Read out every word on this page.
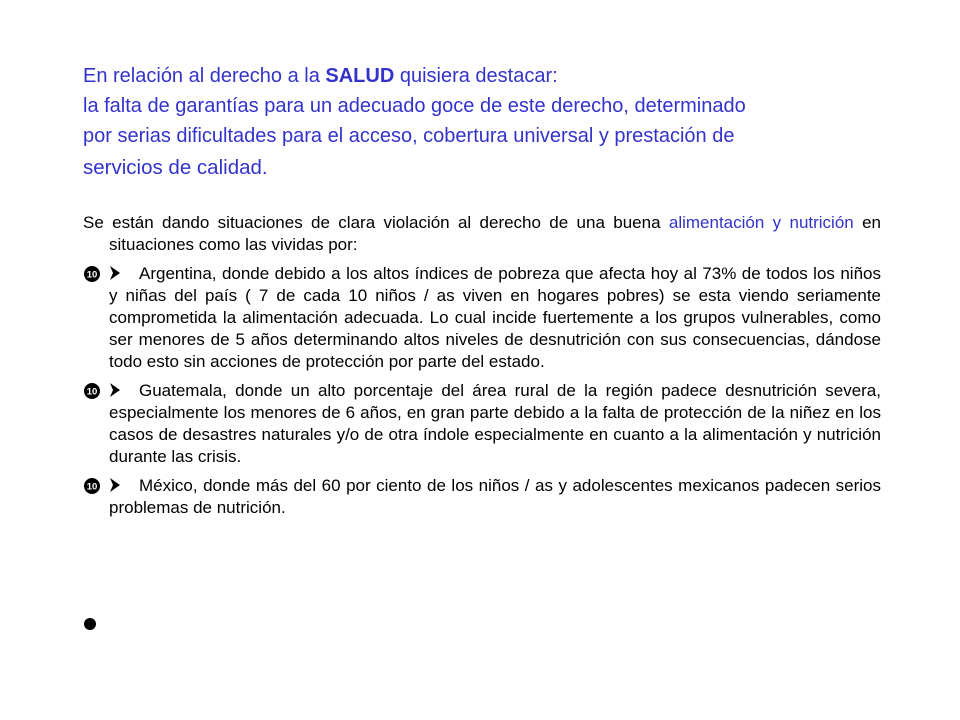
En relación al derecho a la SALUD quisiera destacar:
la falta de garantías para un adecuado goce de este derecho, determinado
por serias dificultades para el acceso, cobertura universal y prestación de
servicios de calidad.

Se están dando situaciones de clara violación al derecho de una buena alimentación y nutrición en situaciones como las vividas por:

10 Argentina, donde debido a los altos índices de pobreza que afecta hoy al 73% de todos los niños y niñas del país ( 7 de cada 10 niños / as viven en hogares pobres) se esta viendo seriamente comprometida la alimentación adecuada. Lo cual incide fuertemente a los grupos vulnerables, como ser menores de 5 años determinando altos niveles de desnutrición con sus consecuencias, dándose todo esto sin acciones de protección por parte del estado.
10 Guatemala, donde un alto porcentaje del área rural de la región padece desnutrición severa, especialmente los menores de 6 años, en gran parte debido a la falta de protección de la niñez en los casos de desastres naturales y/o de otra índole especialmente en cuanto a la alimentación y nutrición durante las crisis.
10 México, donde más del 60 por ciento de los niños / as y adolescentes mexicanos padecen serios problemas de nutrición.
